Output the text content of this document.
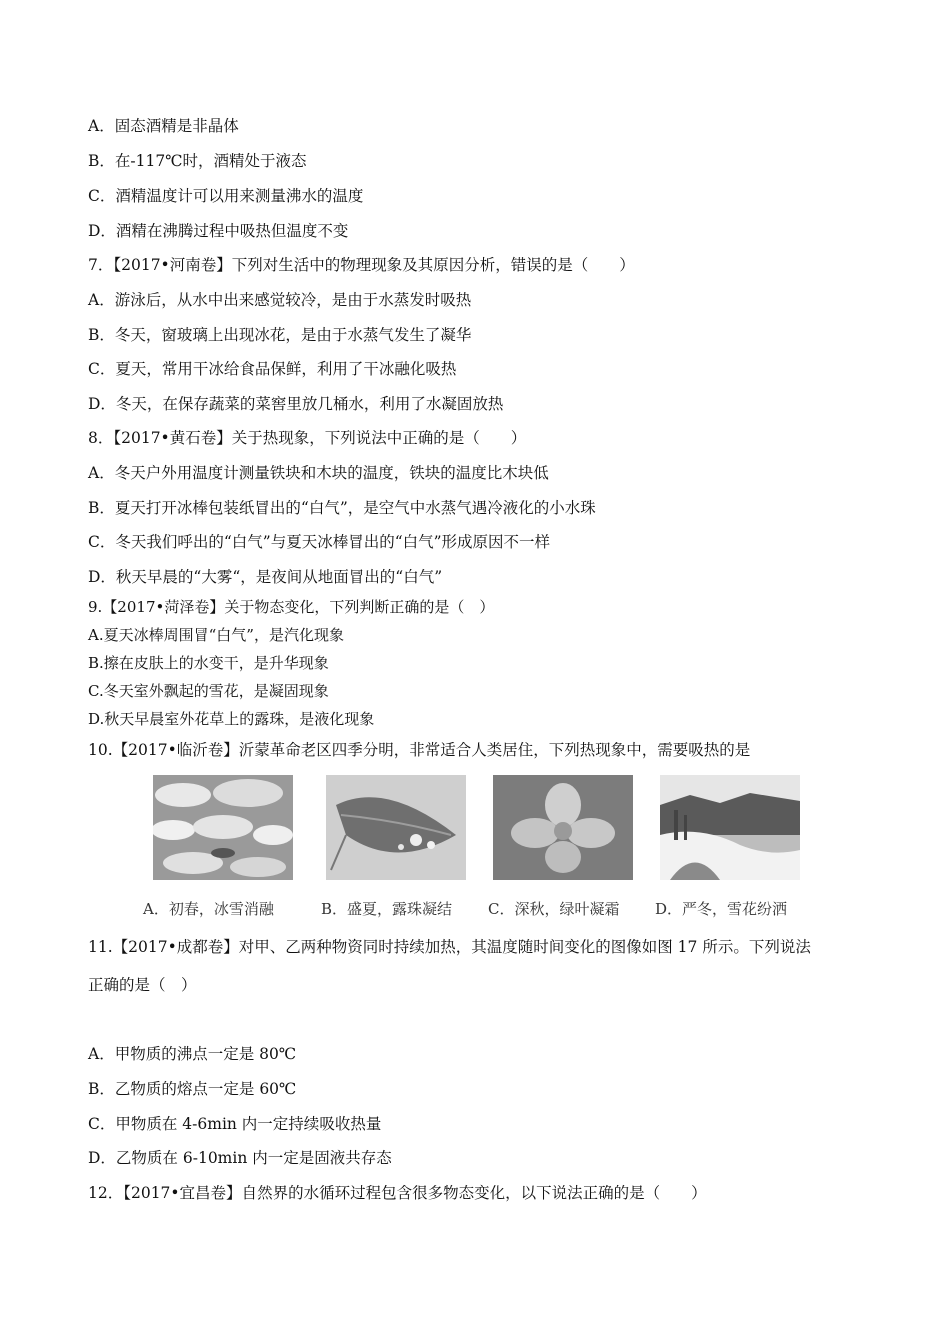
A．固态酒精是非晶体
B．在-117℃时，酒精处于液态
C．酒精温度计可以用来测量沸水的温度
D．酒精在沸腾过程中吸热但温度不变
7．【2017•河南卷】下列对生活中的物理现象及其原因分析，错误的是（　　）
A．游泳后，从水中出来感觉较冷，是由于水蒸发时吸热
B．冬天，窗玻璃上出现冰花，是由于水蒸气发生了凝华
C．夏天，常用干冰给食品保鲜，利用了干冰融化吸热
D．冬天，在保存蔬菜的菜窖里放几桶水，利用了水凝固放热
8．【2017•黄石卷】关于热现象，下列说法中正确的是（　　）
A．冬天户外用温度计测量铁块和木块的温度，铁块的温度比木块低
B．夏天打开冰棒包装纸冒出的“白气”，是空气中水蒸气遇冷液化的小水珠
C．冬天我们呼出的“白气”与夏天冰棒冒出的“白气”形成原因不一样
D．秋天早晨的“大雾“，是夜间从地面冒出的“白气”
9.【2017•菏泽卷】关于物态变化，下列判断正确的是（　）
A.夏天冰棒周围冒“白气”，是汽化现象
B.擦在皮肤上的水变干，是升华现象
C.冬天室外飘起的雪花，是凝固现象
D.秋天早晨室外花草上的露珠，是液化现象
10.【2017•临沂卷】沂蒙革命老区四季分明，非常适合人类居住，下列热现象中，需要吸热的是
A．初春，冰雪消融	B．盛夏，露珠凝结 C．深秋，绿叶凝霜 D．严冬，雪花纷洒
11.【2017•成都卷】对甲、乙两种物资同时持续加热，其温度随时间变化的图像如图 17 所示。下列说法
正确的是（　）
A．甲物质的沸点一定是 80℃
B．乙物质的熔点一定是 60℃
C．甲物质在 4-6min 内一定持续吸收热量
D．乙物质在 6-10min 内一定是固液共存态
12．【2017•宜昌卷】自然界的水循环过程包含很多物态变化，以下说法正确的是（　　）
